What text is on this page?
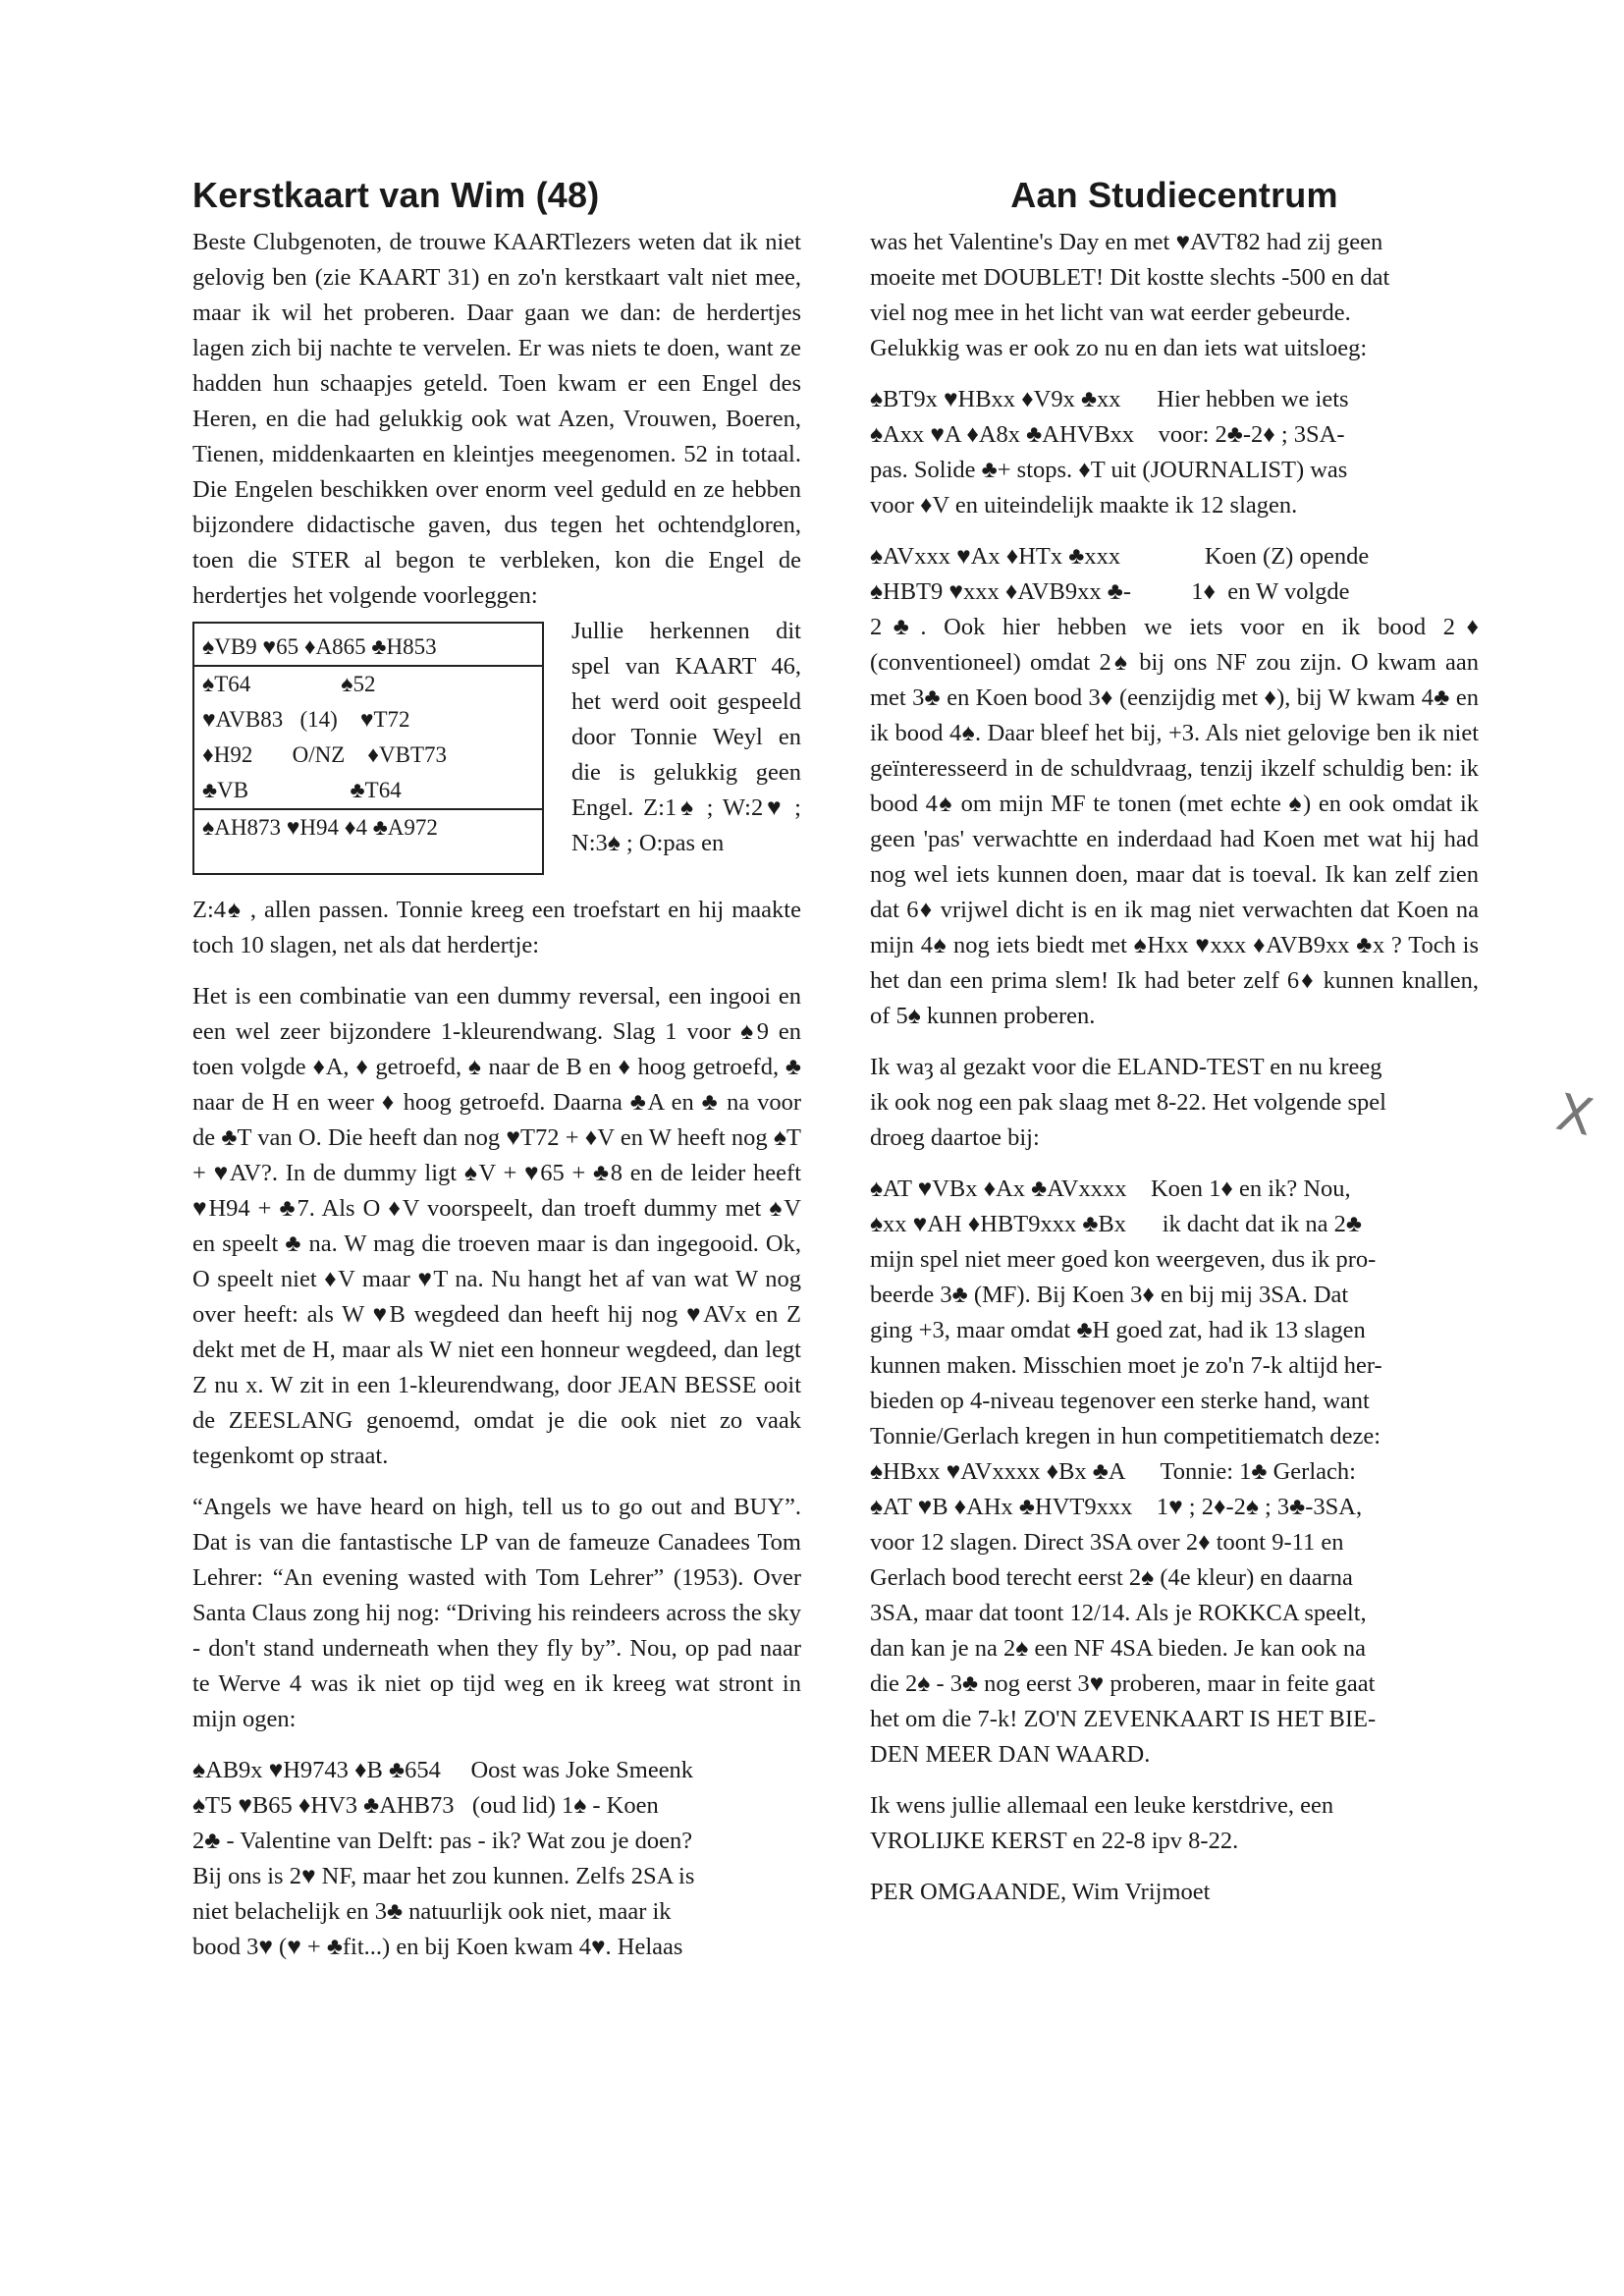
Kerstkaart van Wim (48)

Beste Clubgenoten, de trouwe KAARTlezers weten dat ik niet gelovig ben (zie KAART 31) en zo'n kerstkaart valt niet mee, maar ik wil het proberen. Daar gaan we dan: de herdertjes lagen zich bij nachte te vervelen. Er was niets te doen, want ze hadden hun schaapjes geteld. Toen kwam er een Engel des Heren, en die had gelukkig ook wat Azen, Vrouwen, Boeren, Tienen, middenkaarten en kleintjes meegenomen. 52 in totaal. Die Engelen beschikken over enorm veel geduld en ze hebben bijzondere didactische gaven, dus tegen het ochtendgloren, toen die STER al begon te verbleken, kon die Engel de herdertjes het volgende voorleggen:

♠VB9 ♥65 ♦A865 ♣H853
♠T64                ♠52
♥AVB83   (14)    ♥T72
♦H92       O/NZ    ♦VBT73
♣VB                  ♣T64
♠AH873 ♥H94 ♦4 ♣A972

Jullie herkennen dit spel van KAART 46, het werd ooit gespeeld door Tonnie Weyl en die is gelukkig geen Engel. Z:1♠ ; W:2♥ ; N:3♠ ; O:pas en

Z:4♠ , allen passen. Tonnie kreeg een troefstart en hij maakte toch 10 slagen, net als dat herdertje:

Het is een combinatie van een dummy reversal, een ingooi en een wel zeer bijzondere 1-kleurendwang. Slag 1 voor ♠9 en toen volgde ♦A, ♦ getroefd, ♠ naar de B en ♦ hoog getroefd, ♣ naar de H en weer ♦ hoog getroefd. Daarna ♣A en ♣ na voor de ♣T van O. Die heeft dan nog ♥T72 + ♦V en W heeft nog ♠T + ♥AV?. In de dummy ligt ♠V + ♥65 + ♣8 en de leider heeft ♥H94 + ♣7. Als O ♦V voorspeelt, dan troeft dummy met ♠V en speelt ♣ na. W mag die troeven maar is dan ingegooid. Ok, O speelt niet ♦V maar ♥T na. Nu hangt het af van wat W nog over heeft: als W ♥B wegdeed dan heeft hij nog ♥AVx en Z dekt met de H, maar als W niet een honneur wegdeed, dan legt Z nu x. W zit in een 1-kleurendwang, door JEAN BESSE ooit de ZEESLANG genoemd, omdat je die ook niet zo vaak tegenkomt op straat.

“Angels we have heard on high, tell us to go out and BUY”. Dat is van die fantastische LP van de fameuze Canadees Tom Lehrer: “An evening wasted with Tom Lehrer” (1953). Over Santa Claus zong hij nog: “Driving his reindeers across the sky - don't stand underneath when they fly by”. Nou, op pad naar te Werve 4 was ik niet op tijd weg en ik kreeg wat stront in mijn ogen:

♠AB9x ♥H9743 ♦B ♣654     Oost was Joke Smeenk
♠T5 ♥B65 ♦HV3 ♣AHB73   (oud lid) 1♠ - Koen
2♣ - Valentine van Delft: pas - ik? Wat zou je doen?
Bij ons is 2♥ NF, maar het zou kunnen. Zelfs 2SA is
niet belachelijk en 3♣ natuurlijk ook niet, maar ik
bood 3♥ (♥ + ♣fit...) en bij Koen kwam 4♥. Helaas
Aan Studiecentrum
was het Valentine's Day en met ♥AVT82 had zij geen
moeite met DOUBLET! Dit kostte slechts -500 en dat
viel nog mee in het licht van wat eerder gebeurde.
Gelukkig was er ook zo nu en dan iets wat uitsloeg:
♠BT9x ♥HBxx ♦V9x ♣xx      Hier hebben we iets
♠Axx ♥A ♦A8x ♣AHVBxx    voor: 2♣-2♦ ; 3SA-
pas. Solide ♣+ stops. ♦T uit (JOURNALIST) was
voor ♦V en uiteindelijk maakte ik 12 slagen.
♠AVxxx ♥Ax ♦HTx ♣xxx              Koen (Z) opende
♠HBT9 ♥xxx ♦AVB9xx ♣-          1♦  en W volgde

2♣. Ook hier hebben we iets voor en ik bood 2♦ (conventioneel) omdat 2♠ bij ons NF zou zijn. O kwam aan met 3♣ en Koen bood 3♦ (eenzijdig met ♦), bij W kwam 4♣ en ik bood 4♠. Daar bleef het bij, +3. Als niet gelovige ben ik niet geïnteresseerd in de schuldvraag, tenzij ikzelf schuldig ben: ik bood 4♠ om mijn MF te tonen (met echte ♠) en ook omdat ik geen 'pas' verwachtte en inderdaad had Koen met wat hij had nog wel iets kunnen doen, maar dat is toeval. Ik kan zelf zien dat 6♦ vrijwel dicht is en ik mag niet verwachten dat Koen na mijn 4♠ nog iets biedt met ♠Hxx ♥xxx ♦AVB9xx ♣x ? Toch is het dan een prima slem! Ik had beter zelf 6♦ kunnen knallen, of 5♠ kunnen proberen.

Ik waȝ al gezakt voor die ELAND-TEST en nu kreeg
ik ook nog een pak slaag met 8-22. Het volgende spel
droeg daartoe bij:
♠AT ♥VBx ♦Ax ♣AVxxxx    Koen 1♦ en ik? Nou,
♠xx ♥AH ♦HBT9xxx ♣Bx      ik dacht dat ik na 2♣
mijn spel niet meer goed kon weergeven, dus ik pro-
beerde 3♣ (MF). Bij Koen 3♦ en bij mij 3SA. Dat
ging +3, maar omdat ♣H goed zat, had ik 13 slagen
kunnen maken. Misschien moet je zo'n 7-k altijd her-
bieden op 4-niveau tegenover een sterke hand, want
Tonnie/Gerlach kregen in hun competitiematch deze:
♠HBxx ♥AVxxxx ♦Bx ♣A      Tonnie: 1♣ Gerlach:
♠AT ♥B ♦AHx ♣HVT9xxx    1♥ ; 2♦-2♠ ; 3♣-3SA,
voor 12 slagen. Direct 3SA over 2♦ toont 9-11 en
Gerlach bood terecht eerst 2♠ (4e kleur) en daarna
3SA, maar dat toont 12/14. Als je ROKKCA speelt,
dan kan je na 2♠ een NF 4SA bieden. Je kan ook na
die 2♠ - 3♣ nog eerst 3♥ proberen, maar in feite gaat
het om die 7-k! ZO'N ZEVENKAART IS HET BIE-
DEN MEER DAN WAARD.
Ik wens jullie allemaal een leuke kerstdrive, een
VROLIJKE KERST en 22-8 ipv 8-22.
PER OMGAANDE, Wim Vrijmoet
X
